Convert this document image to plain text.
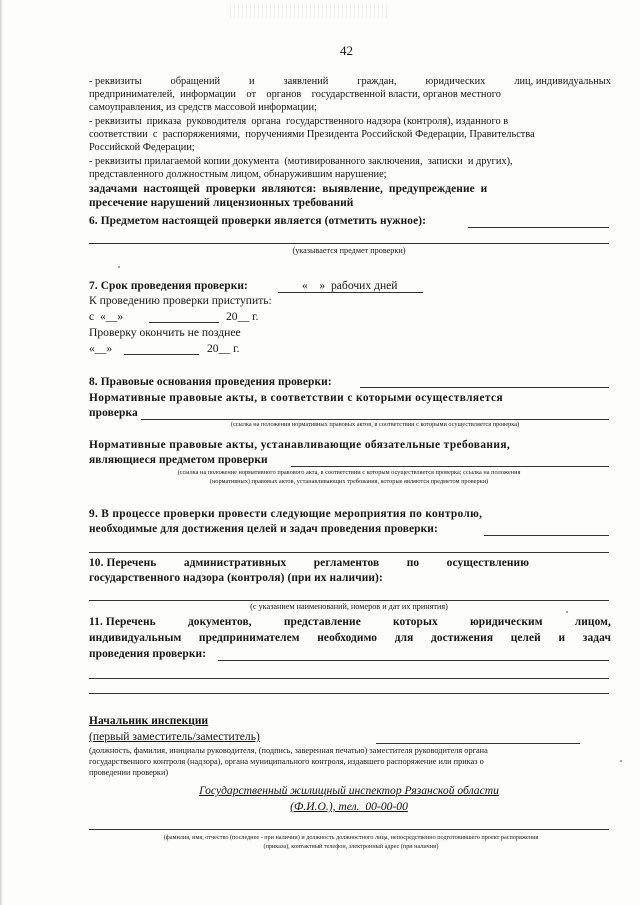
42
- реквизиты	обращений	и	заявлений	граждан,	юридических	лиц, индивидуальных
предпринимателей,  информации    от    органов    государственной власти, органов местного
самоуправления, из средств массовой информации;
- реквизиты  приказа  руководителя  органа  государственного надзора (контроля), изданного в
соответствии  с  распоряжениями,  поручениями Президента Российской Федерации, Правительства
Российской Федерации;
- реквизиты прилагаемой копии документа  (мотивированного заключения,  записки  и других),
представленного должностным лицом, обнаружившим нарушение;
задачами  настоящей  проверки  являются:  выявление,  предупреждение  и
пресечение нарушений лицензионных требований
6. Предметом настоящей проверки является (отметить нужное):
(указывается предмет проверки)
7. Срок проведения проверки:	«    »  рабочих дней
К проведению проверки приступить:
с  «__»	20__ г.
Проверку окончить не позднее
«__»	20__ г.
8. Правовые основания проведения проверки:
Нормативные правовые акты, в соответствии с которыми осуществляется
проверка
(ссылка на положения нормативных правовых актов, в соответствии с которыми осуществляется проверка)
Нормативные правовые акты, устанавливающие обязательные требования,
являющиеся предметом проверки
(ссылка на положение нормативного правового акта, в соответствии с которым осуществляется проверка; ссылка на положения
(нормативных) правовых актов, устанавливающих требования, которые являются предметом проверки)
9. В процессе проверки провести следующие мероприятия по контролю,
необходимые для достижения целей и задач проведения проверки:
10. Перечень административных регламентов по осуществлению
государственного надзора (контроля) (при их наличии):
(с указанием наименований, номеров и дат их принятия)
11. Перечень	документов,	представление	которых	юридическим	лицом,
индивидуальным предпринимателем необходимо для достижения целей и задач
проведения проверки:
Начальник инспекции
(первый заместитель/заместитель)
(должность, фамилия, инициалы руководителя, (подпись, заверенная печатью) заместителя руководителя органа
государственного контроля (надзора), органа муниципального контроля, издавшего распоряжение или приказ о
проведении проверки)
Государственный жилищный инспектор Рязанской области
(Ф.И.О.), тел.  00-00-00
(фамилия, имя, отчество (последнее - при наличии) и должность должностного лица, непосредственно подготовившего проект распоряжения
(приказа), контактный телефон, электронный адрес (при наличии)
